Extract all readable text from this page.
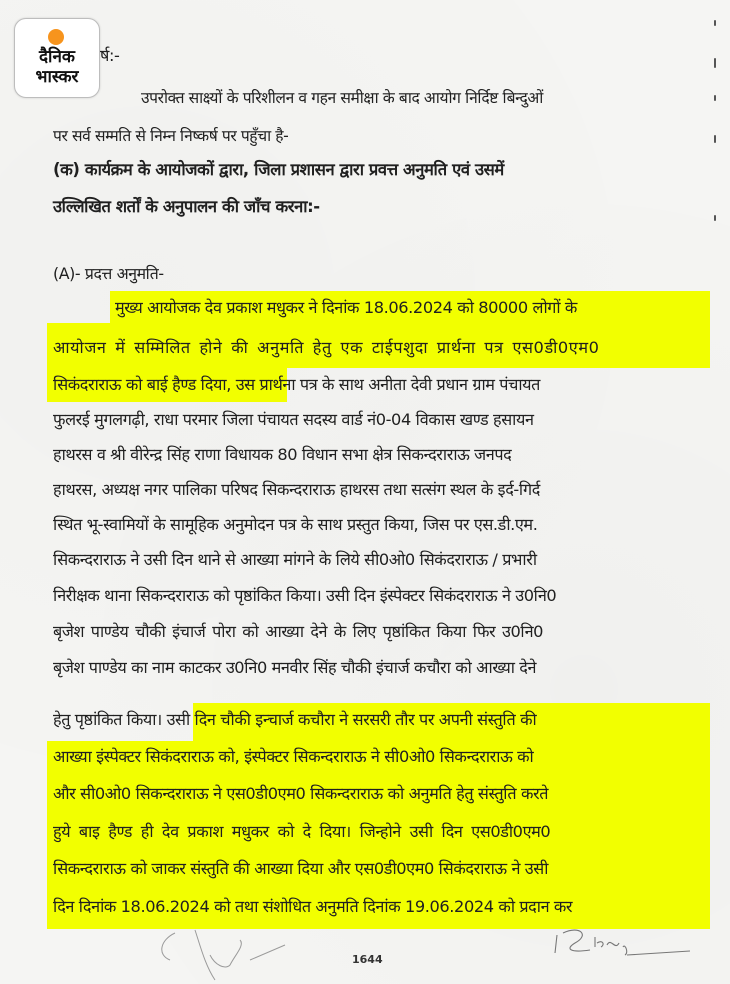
दैनिक
भास्कर
र्ष:-
उपरोक्त साक्ष्यों के परिशीलन व गहन समीक्षा के बाद आयोग निर्दिष्ट बिन्दुओं
पर सर्व सम्मति से निम्न निष्कर्ष पर पहुँचा है-
(क) कार्यक्रम के आयोजकों द्वारा, जिला प्रशासन द्वारा प्रवत्त अनुमति एवं उसमें
उल्लिखित शर्तों के अनुपालन की जाँच करना:-
(A)- प्रदत्त अनुमति-
मुख्य आयोजक देव प्रकाश मधुकर ने दिनांक 18.06.2024 को 80000 लोगों के
आयोजन में सम्मिलित होने की अनुमति हेतु एक टाईपशुदा प्रार्थना पत्र एस0डी0एम0
सिकंदराराऊ को बाई हैण्ड दिया, उस प्रार्थना पत्र के साथ अनीता देवी प्रधान ग्राम पंचायत
फुलरई मुगलगढ़ी, राधा परमार जिला पंचायत सदस्य वार्ड नं0-04 विकास खण्ड हसायन
हाथरस व श्री वीरेन्द्र सिंह राणा विधायक 80 विधान सभा क्षेत्र सिकन्दराराऊ जनपद
हाथरस, अध्यक्ष नगर पालिका परिषद सिकन्दराराऊ हाथरस तथा सत्संग स्थल के इर्द-गिर्द
स्थित भू-स्वामियों के सामूहिक अनुमोदन पत्र के साथ प्रस्तुत किया, जिस पर एस.डी.एम.
सिकन्दराराऊ ने उसी दिन थाने से आख्या मांगने के लिये सी0ओ0 सिकंदराराऊ / प्रभारी
निरीक्षक थाना सिकन्दराराऊ को पृष्ठांकित किया। उसी दिन इंस्पेक्टर सिकंदराराऊ ने उ0नि0
बृजेश पाण्डेय चौकी इंचार्ज पोरा को आख्या देने के लिए पृष्ठांकित किया फिर उ0नि0
बृजेश पाण्डेय का नाम काटकर उ0नि0 मनवीर सिंह चौकी इंचार्ज कचौरा को आख्या देने
हेतु पृष्ठांकित किया। उसी दिन चौकी इन्चार्ज कचौरा ने सरसरी तौर पर अपनी संस्तुति की
आख्या इंस्पेक्टर सिकंदराराऊ को, इंस्पेक्टर सिकन्दराराऊ ने सी0ओ0 सिकन्दराराऊ को
और सी0ओ0 सिकन्दराराऊ ने एस0डी0एम0 सिकन्दराराऊ को अनुमति हेतु संस्तुति करते
हुये बाइ हैण्ड ही देव प्रकाश मधुकर को दे दिया। जिन्होने उसी दिन एस0डी0एम0
सिकन्दराराऊ को जाकर संस्तुति की आख्या दिया और एस0डी0एम0 सिकंदराराऊ ने उसी
दिन दिनांक 18.06.2024 को तथा संशोधित अनुमति दिनांक 19.06.2024 को प्रदान कर
1644
